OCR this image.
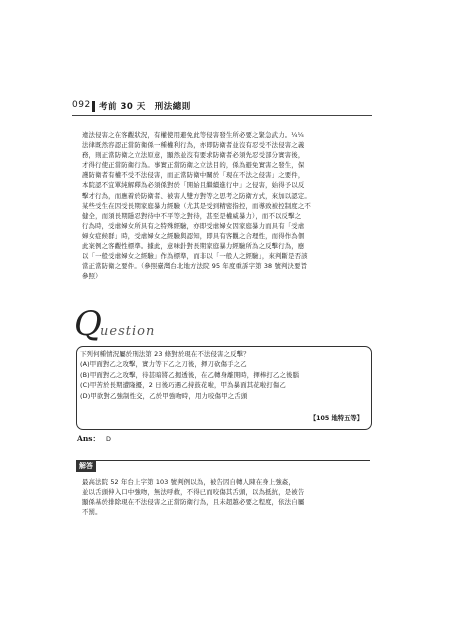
092 考前 30 天　刑法總則
違法侵害之在客觀狀況，有權使用避免此等侵害發生所必要之緊急武力。¼¼
法律既然容認正當防衛係一種權利行為，亦即防衛者並沒有忍受不法侵害之義
務，則正當防衛之立法原意，顯然並沒有要求防衛者必須先忍受部分實害後，
才得行使正當防衛行為。事實正當防衛之立法目的，係為避免實害之發生，保
護防衛者有權不受不法侵害，而正當防衛中關於「現在不法之侵害」之要件，
本院認不宜單純解釋為必須係對於「開始且繼續進行中」之侵害，始得予以反
擊才行為，而應着於防衛者、被害人雙方對等之思考之防衛方式，來加以認定。
某些受生在因受長期家庭暴力經驗（尤其是受到精密指控，而導致被控制度之不
健全，而須長期隱忍對待中不平等之對待，甚至是權威暴力），而不以反擊之
行為時，受虐婦女所具有之特殊經驗，亦即受虐婦女因家庭暴力而具有「受虐
婦女症候群」時，受虐婦女之經驗與認知，即具有客觀之合理性，而得作為個
此案例之客觀性標準。據此，意味針對長期家庭暴力經驗所為之反擊行為，應
以「一般受虐婦女之經驗」作為標準，而非以「一般人之經驗」，來判斷是否該
當正當防衛之要件。（參照臺灣台北地方法院 95 年度重訴字第 38 號判決要旨
參照）
Q
uestion
【105 地特五等】
下列何種情況屬於刑法第 23 條對於現在不法侵害之反擊？
(A)甲面對乙之攻擊，實力等下乙之刀後，揮刀砍傷手之乙
(B)甲面對乙之攻擊，待甚暗將乙揭透後，在乙轉身離開時，揮棒打乙之後腦
(C)甲苦於長期遭隆擾，2 日後巧遇乙持鼓花啦，甲為暴面其花啦打傷乙
(D)甲欲對乙強制性交，乙於甲強吻時，用力咬傷甲之舌頭
Ans： D
解答
最高法院 52 年台上字第 103 號判例以為，被告因自轉人陳在身上強姦，
並以舌頭伸入口中強吻，無法呼救，不得已而咬傷其舌頭，以為抵抗，是被告
顯係基於排除現在不法侵害之正當防衛行為，且未超越必要之程度，依法自屬
不罰。
